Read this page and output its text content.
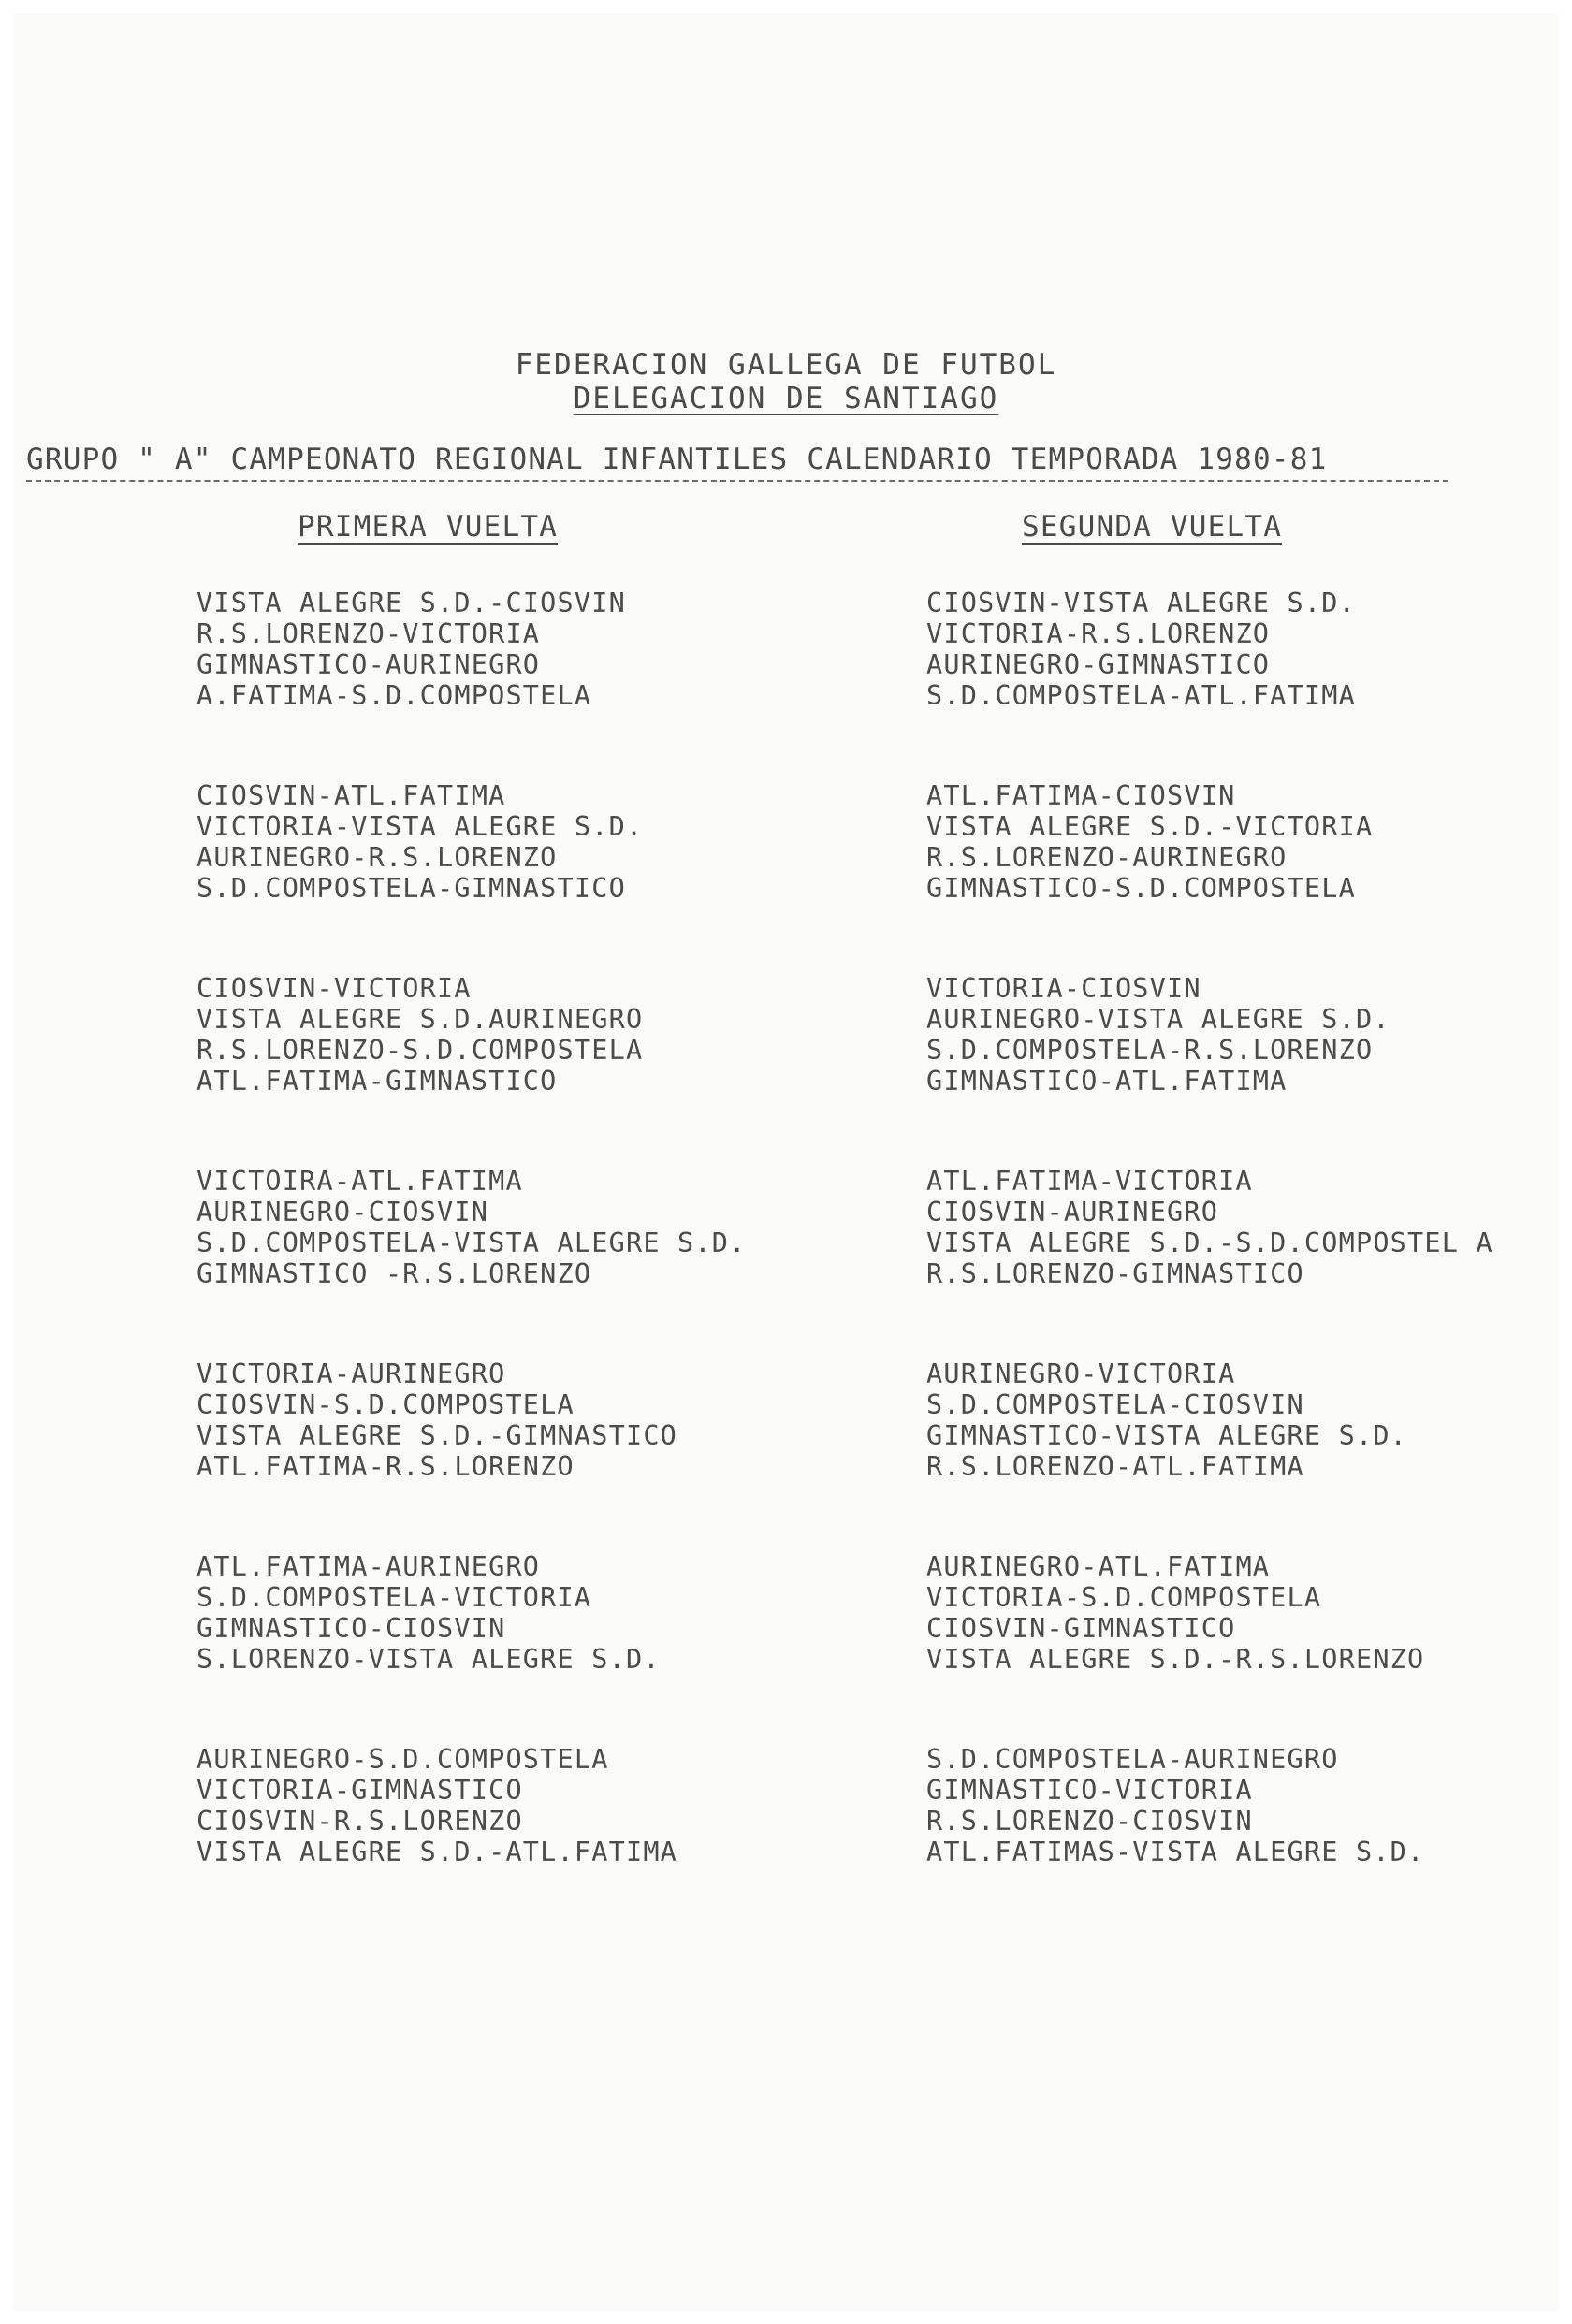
FEDERACION GALLEGA DE FUTBOL
DELEGACION DE SANTIAGO
GRUPO " A" CAMPEONATO REGIONAL INFANTILES CALENDARIO TEMPORADA 1980-81
PRIMERA VUELTA	SEGUNDA VUELTA
VISTA ALEGRE S.D.-CIOSVIN
R.S.LORENZO-VICTORIA
GIMNASTICO-AURINEGRO
A.FATIMA-S.D.COMPOSTELA
CIOSVIN-ATL.FATIMA
VICTORIA-VISTA ALEGRE S.D.
AURINEGRO-R.S.LORENZO
S.D.COMPOSTELA-GIMNASTICO
CIOSVIN-VICTORIA
VISTA ALEGRE S.D.AURINEGRO
R.S.LORENZO-S.D.COMPOSTELA
ATL.FATIMA-GIMNASTICO
VICTOIRA-ATL.FATIMA
AURINEGRO-CIOSVIN
S.D.COMPOSTELA-VISTA ALEGRE S.D.
GIMNASTICO -R.S.LORENZO
VICTORIA-AURINEGRO
CIOSVIN-S.D.COMPOSTELA
VISTA ALEGRE S.D.-GIMNASTICO
ATL.FATIMA-R.S.LORENZO
ATL.FATIMA-AURINEGRO
S.D.COMPOSTELA-VICTORIA
GIMNASTICO-CIOSVIN
S.LORENZO-VISTA ALEGRE S.D.
AURINEGRO-S.D.COMPOSTELA
VICTORIA-GIMNASTICO
CIOSVIN-R.S.LORENZO
VISTA ALEGRE S.D.-ATL.FATIMA
CIOSVIN-VISTA ALEGRE S.D.
VICTORIA-R.S.LORENZO
AURINEGRO-GIMNASTICO
S.D.COMPOSTELA-ATL.FATIMA
ATL.FATIMA-CIOSVIN
VISTA ALEGRE S.D.-VICTORIA
R.S.LORENZO-AURINEGRO
GIMNASTICO-S.D.COMPOSTELA
VICTORIA-CIOSVIN
AURINEGRO-VISTA ALEGRE S.D.
S.D.COMPOSTELA-R.S.LORENZO
GIMNASTICO-ATL.FATIMA
ATL.FATIMA-VICTORIA
CIOSVIN-AURINEGRO
VISTA ALEGRE S.D.-S.D.COMPOSTEL A
R.S.LORENZO-GIMNASTICO
AURINEGRO-VICTORIA
S.D.COMPOSTELA-CIOSVIN
GIMNASTICO-VISTA ALEGRE S.D.
R.S.LORENZO-ATL.FATIMA
AURINEGRO-ATL.FATIMA
VICTORIA-S.D.COMPOSTELA
CIOSVIN-GIMNASTICO
VISTA ALEGRE S.D.-R.S.LORENZO
S.D.COMPOSTELA-AURINEGRO
GIMNASTICO-VICTORIA
R.S.LORENZO-CIOSVIN
ATL.FATIMAS-VISTA ALEGRE S.D.
